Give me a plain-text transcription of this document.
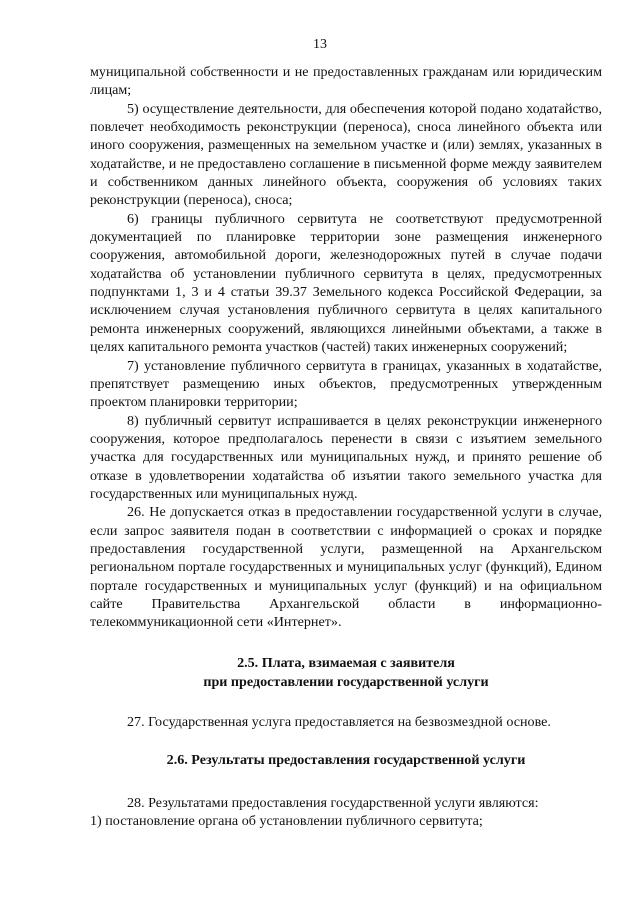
13

муниципальной собственности и не предоставленных гражданам или юридическим лицам;

5) осуществление деятельности, для обеспечения которой подано ходатайство, повлечет необходимость реконструкции (переноса), сноса линейного объекта или иного сооружения, размещенных на земельном участке и (или) землях, указанных в ходатайстве, и не предоставлено соглашение в письменной форме между заявителем и собственником данных линейного объекта, сооружения об условиях таких реконструкции (переноса), сноса;

6) границы публичного сервитута не соответствуют предусмотренной документацией по планировке территории зоне размещения инженерного сооружения, автомобильной дороги, железнодорожных путей в случае подачи ходатайства об установлении публичного сервитута в целях, предусмотренных подпунктами 1, 3 и 4 статьи 39.37 Земельного кодекса Российской Федерации, за исключением случая установления публичного сервитута в целях капитального ремонта инженерных сооружений, являющихся линейными объектами, а также в целях капитального ремонта участков (частей) таких инженерных сооружений;

7) установление публичного сервитута в границах, указанных в ходатайстве, препятствует размещению иных объектов, предусмотренных утвержденным проектом планировки территории;

8) публичный сервитут испрашивается в целях реконструкции инженерного сооружения, которое предполагалось перенести в связи с изъятием земельного участка для государственных или муниципальных нужд, и принято решение об отказе в удовлетворении ходатайства об изъятии такого земельного участка для государственных или муниципальных нужд.

26. Не допускается отказ в предоставлении государственной услуги в случае, если запрос заявителя подан в соответствии с информацией о сроках и порядке предоставления государственной услуги, размещенной на Архангельском региональном портале государственных и муниципальных услуг (функций), Едином портале государственных и муниципальных услуг (функций) и на официальном сайте Правительства Архангельской области в информационно-телекоммуникационной сети «Интернет».

2.5. Плата, взимаемая с заявителя

при предоставлении государственной услуги

27. Государственная услуга предоставляется на безвозмездной основе.

2.6. Результаты предоставления государственной услуги

28. Результатами предоставления государственной услуги являются:

1) постановление органа об установлении публичного сервитута;
